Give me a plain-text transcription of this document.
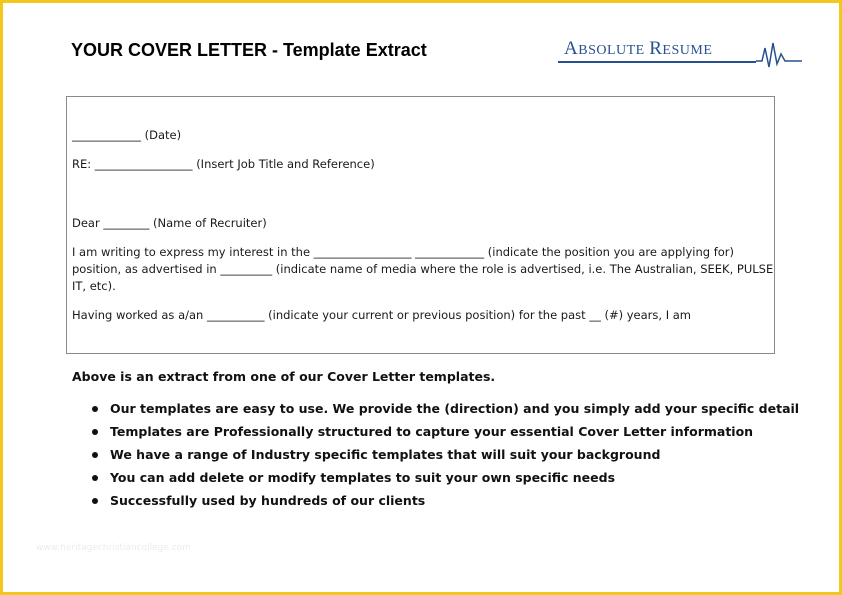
YOUR COVER LETTER - Template Extract	ABSOLUTE RESUME
____________ (Date)
RE: _________________ (Insert Job Title and Reference)
Dear ________ (Name of Recruiter)
I am writing to express my interest in the _________________ ____________ (indicate the position you are applying for)
position, as advertised in _________ (indicate name of media where the role is advertised, i.e. The Australian, SEEK, PULSE
IT, etc).
Having worked as a/an __________ (indicate your current or previous position) for the past __ (#) years, I am
Above is an extract from one of our Cover Letter templates.
Our templates are easy to use. We provide the (direction) and you simply add your specific detail
Templates are Professionally structured to capture your essential Cover Letter information
We have a range of Industry specific templates that will suit your background
You can add delete or modify templates to suit your own specific needs
Successfully used by hundreds of our clients
www.heritagechristiancollege.com
